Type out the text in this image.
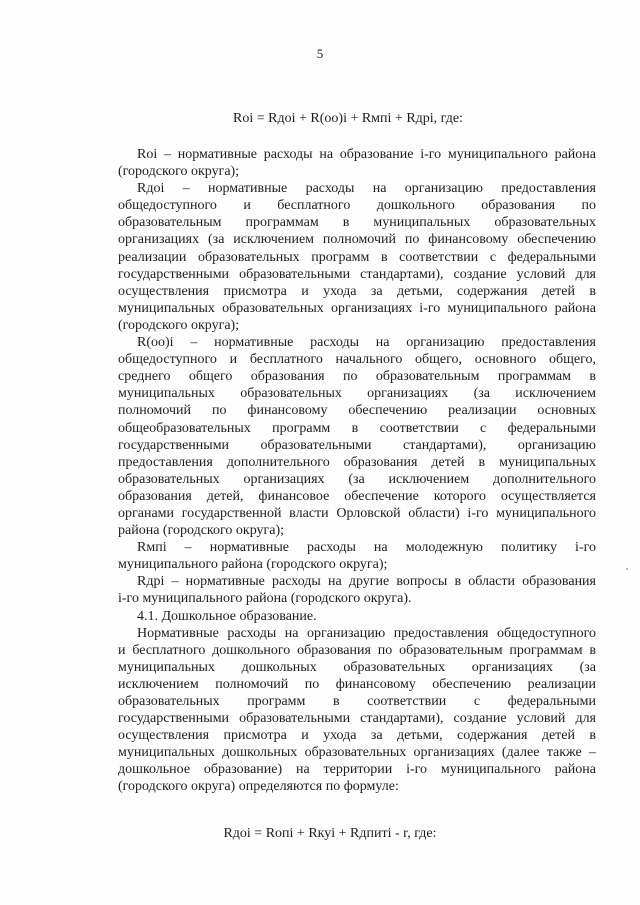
5
Roi = Rдоi + R(оо)i + Rмпi + Rдрi, где:
Roi – нормативные расходы на образование i-го муниципального района
(городского округа);
Rдоi – нормативные расходы на организацию предоставления
общедоступного и бесплатного дошкольного образования по
образовательным программам в муниципальных образовательных
организациях (за исключением полномочий по финансовому обеспечению
реализации образовательных программ в соответствии с федеральными
государственными образовательными стандартами), создание условий для
осуществления присмотра и ухода за детьми, содержания детей в
муниципальных образовательных организациях i-го муниципального района
(городского округа);
R(оо)i – нормативные расходы на организацию предоставления
общедоступного и бесплатного начального общего, основного общего,
среднего общего образования по образовательным программам в
муниципальных образовательных организациях (за исключением
полномочий по финансовому обеспечению реализации основных
общеобразовательных программ в соответствии с федеральными
государственными образовательными стандартами), организацию
предоставления дополнительного образования детей в муниципальных
образовательных организациях (за исключением дополнительного
образования детей, финансовое обеспечение которого осуществляется
органами государственной власти Орловской области) i-го муниципального
района (городского округа);
Rмпi – нормативные расходы на молодежную политику i-го
муниципального района (городского округа);
Rдрi – нормативные расходы на другие вопросы в области образования
i-го муниципального района (городского округа).
4.1. Дошкольное образование.
Нормативные расходы на организацию предоставления общедоступного
и бесплатного дошкольного образования по образовательным программам в
муниципальных дошкольных образовательных организациях (за
исключением полномочий по финансовому обеспечению реализации
образовательных программ в соответствии с федеральными
государственными образовательными стандартами), создание условий для
осуществления присмотра и ухода за детьми, содержания детей в
муниципальных дошкольных образовательных организациях (далее также –
дошкольное образование) на территории i-го муниципального района
(городского округа) определяются по формуле:
Rдоi = Rопi + Rкуi + Rдпитi - r, где:
